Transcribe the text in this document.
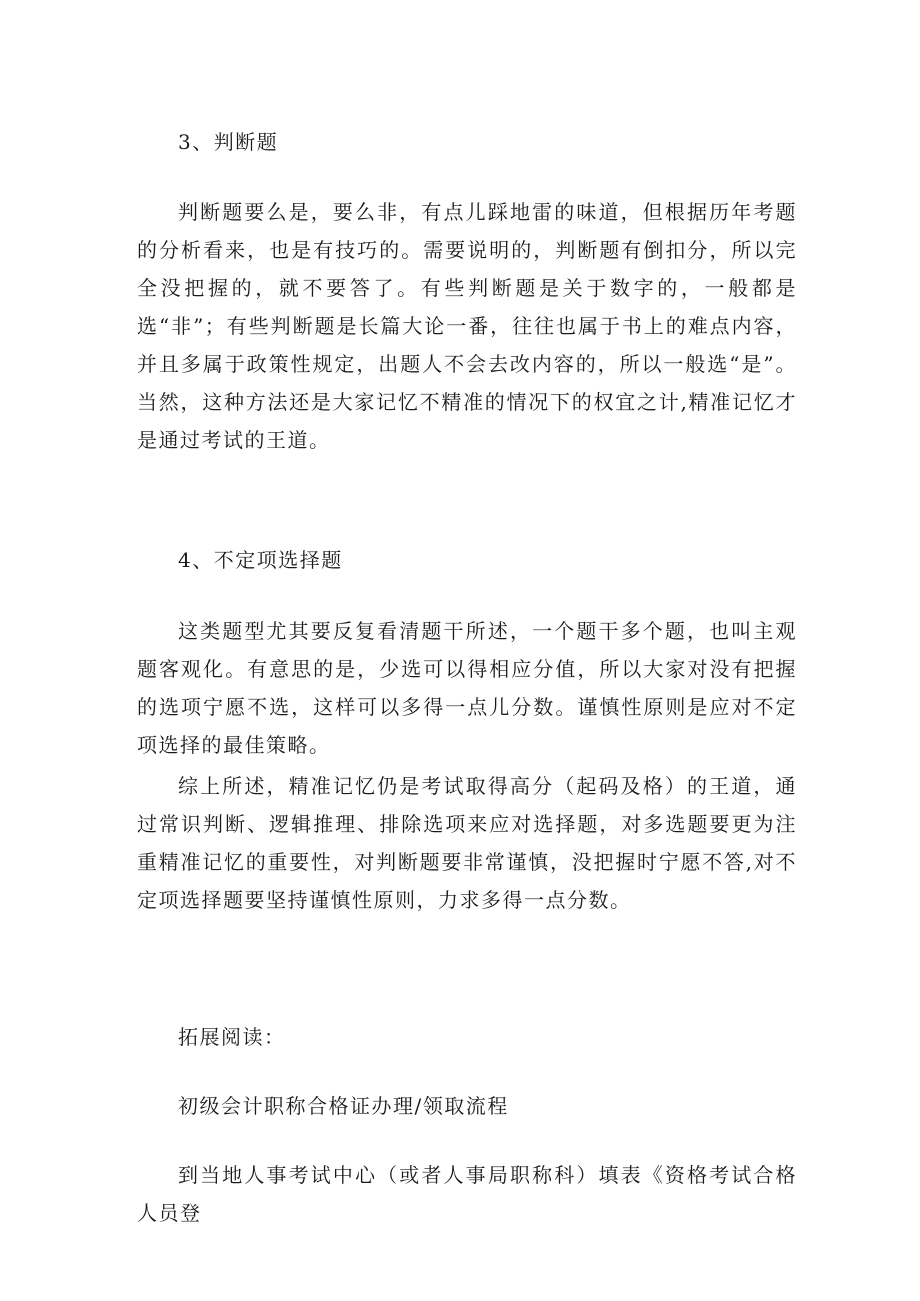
3、判断题

判断题要么是，要么非，有点儿踩地雷的味道，但根据历年考题的分析看来，也是有技巧的。需要说明的，判断题有倒扣分，所以完全没把握的，就不要答了。有些判断题是关于数字的，一般都是选“非”；有些判断题是长篇大论一番，往往也属于书上的难点内容，并且多属于政策性规定，出题人不会去改内容的，所以一般选“是”。当然，这种方法还是大家记忆不精准的情况下的权宜之计,精准记忆才是通过考试的王道。

4、不定项选择题

这类题型尤其要反复看清题干所述，一个题干多个题，也叫主观题客观化。有意思的是，少选可以得相应分值，所以大家对没有把握的选项宁愿不选，这样可以多得一点儿分数。谨慎性原则是应对不定项选择的最佳策略。

综上所述，精准记忆仍是考试取得高分（起码及格）的王道，通过常识判断、逻辑推理、排除选项来应对选择题，对多选题要更为注重精准记忆的重要性，对判断题要非常谨慎，没把握时宁愿不答,对不定项选择题要坚持谨慎性原则，力求多得一点分数。

拓展阅读：

初级会计职称合格证办理/领取流程

到当地人事考试中心（或者人事局职称科）填表《资格考试合格人员登
